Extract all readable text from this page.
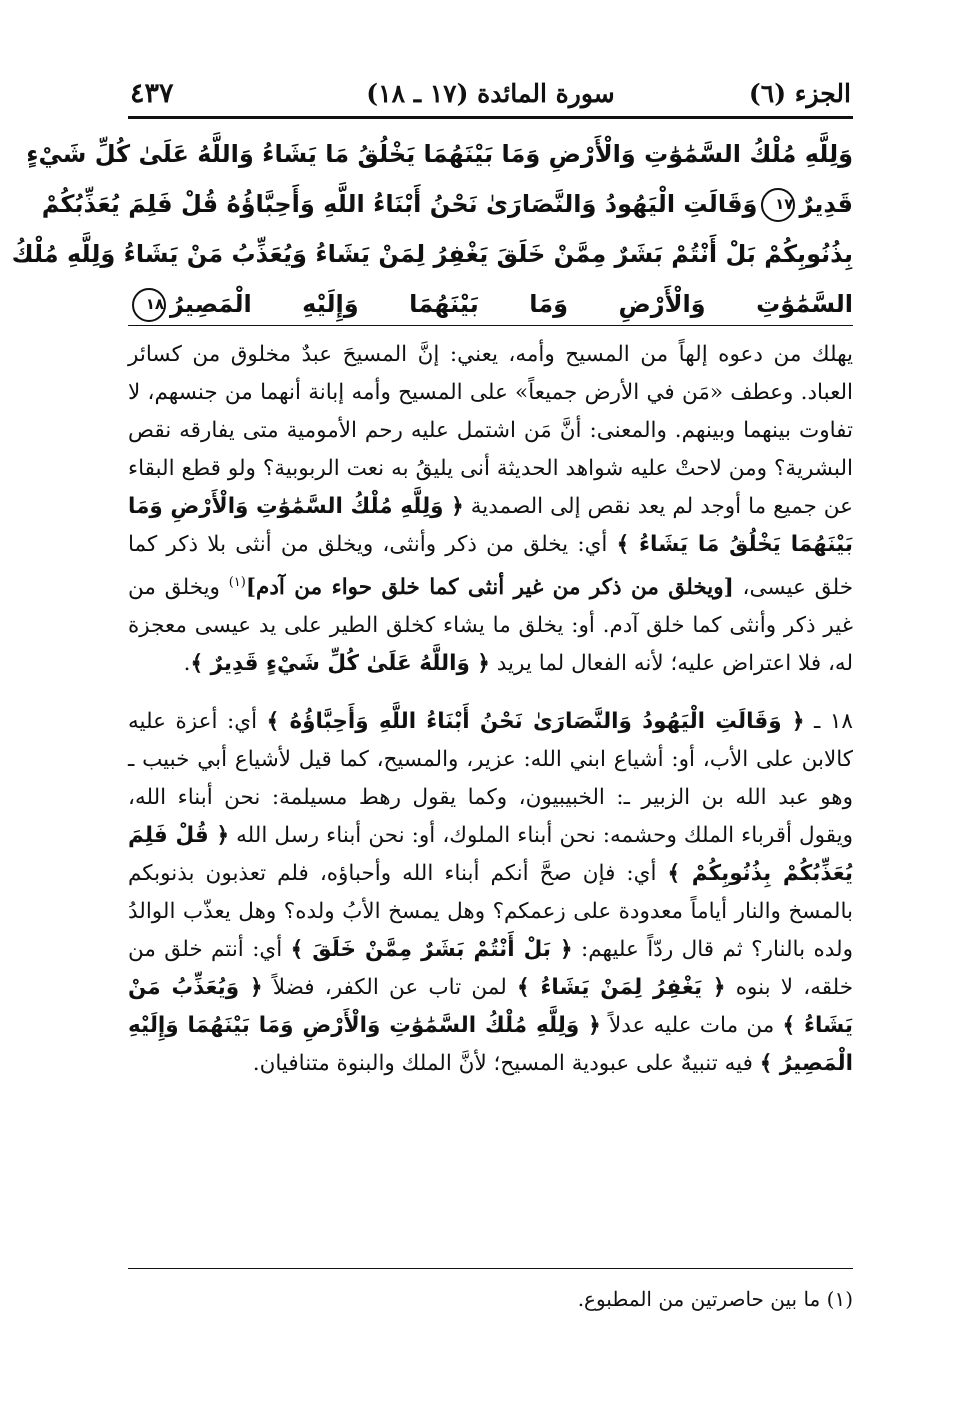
الجزء (٦)
سورة المائدة (١٧ ـ ١٨)
٤٣٧
وَلِلَّهِ مُلْكُ السَّمَٰوَٰتِ وَالْأَرْضِ وَمَا بَيْنَهُمَا يَخْلُقُ مَا يَشَاءُ وَاللَّهُ عَلَىٰ كُلِّ شَيْءٍ
قَدِيرٌ١٧وَقَالَتِ الْيَهُودُ وَالنَّصَارَىٰ نَحْنُ أَبْنَاءُ اللَّهِ وَأَحِبَّاؤُهُ قُلْ فَلِمَ يُعَذِّبُكُمْ
بِذُنُوبِكُمْ بَلْ أَنْتُمْ بَشَرٌ مِمَّنْ خَلَقَ يَغْفِرُ لِمَنْ يَشَاءُ وَيُعَذِّبُ مَنْ يَشَاءُ وَلِلَّهِ مُلْكُ
السَّمَٰوَٰتِ وَالْأَرْضِ وَمَا بَيْنَهُمَا وَإِلَيْهِ الْمَصِيرُ١٨

يهلك من دعوه إلهاً من المسيح وأمه، يعني: إنَّ المسيحَ عبدٌ مخلوق من كسائر العباد. وعطف «مَن في الأرض جميعاً» على المسيح وأمه إبانة أنهما من جنسهم، لا تفاوت بينهما وبينهم. والمعنى: أنَّ مَن اشتمل عليه رحم الأمومية متى يفارقه نقص البشرية؟ ومن لاحتْ عليه شواهد الحديثة أنى يليقُ به نعت الربوبية؟ ولو قطع البقاء عن جميع ما أوجد لم يعد نقص إلى الصمدية ﴿ وَلِلَّهِ مُلْكُ السَّمَٰوَٰتِ وَالْأَرْضِ وَمَا بَيْنَهُمَا يَخْلُقُ مَا يَشَاءُ ﴾ أي: يخلق من ذكر وأنثى، ويخلق من أنثى بلا ذكر كما خلق عيسى، [ويخلق من ذكر من غير أنثى كما خلق حواء من آدم]$^{(١)}$ ويخلق من غير ذكر وأنثى كما خلق آدم. أو: يخلق ما يشاء كخلق الطير على يد عيسى معجزة له، فلا اعتراض عليه؛ لأنه الفعال لما يريد ﴿ وَاللَّهُ عَلَىٰ كُلِّ شَيْءٍ قَدِيرٌ ﴾.

١٨ ـ ﴿ وَقَالَتِ الْيَهُودُ وَالنَّصَارَىٰ نَحْنُ أَبْنَاءُ اللَّهِ وَأَحِبَّاؤُهُ ﴾ أي: أعزة عليه كالابن على الأب، أو: أشياع ابني الله: عزير، والمسيح، كما قيل لأشياع أبي خبيب ـ وهو عبد الله بن الزبير ـ: الخبيبيون، وكما يقول رهط مسيلمة: نحن أبناء الله، ويقول أقرباء الملك وحشمه: نحن أبناء الملوك، أو: نحن أبناء رسل الله ﴿ قُلْ فَلِمَ يُعَذِّبُكُمْ بِذُنُوبِكُمْ ﴾ أي: فإن صحَّ أنكم أبناء الله وأحباؤه، فلم تعذبون بذنوبكم بالمسخ والنار أياماً معدودة على زعمكم؟ وهل يمسخ الأبُ ولده؟ وهل يعذّب الوالدُ ولده بالنار؟ ثم قال ردّاً عليهم: ﴿ بَلْ أَنْتُمْ بَشَرٌ مِمَّنْ خَلَقَ ﴾ أي: أنتم خلق من خلقه، لا بنوه ﴿ يَغْفِرُ لِمَنْ يَشَاءُ ﴾ لمن تاب عن الكفر، فضلاً ﴿ وَيُعَذِّبُ مَنْ يَشَاءُ ﴾ من مات عليه عدلاً ﴿ وَلِلَّهِ مُلْكُ السَّمَٰوَٰتِ وَالْأَرْضِ وَمَا بَيْنَهُمَا وَإِلَيْهِ الْمَصِيرُ ﴾ فيه تنبيهٌ على عبودية المسيح؛ لأنَّ الملك والبنوة متنافيان.

(١) ما بين حاصرتين من المطبوع.
